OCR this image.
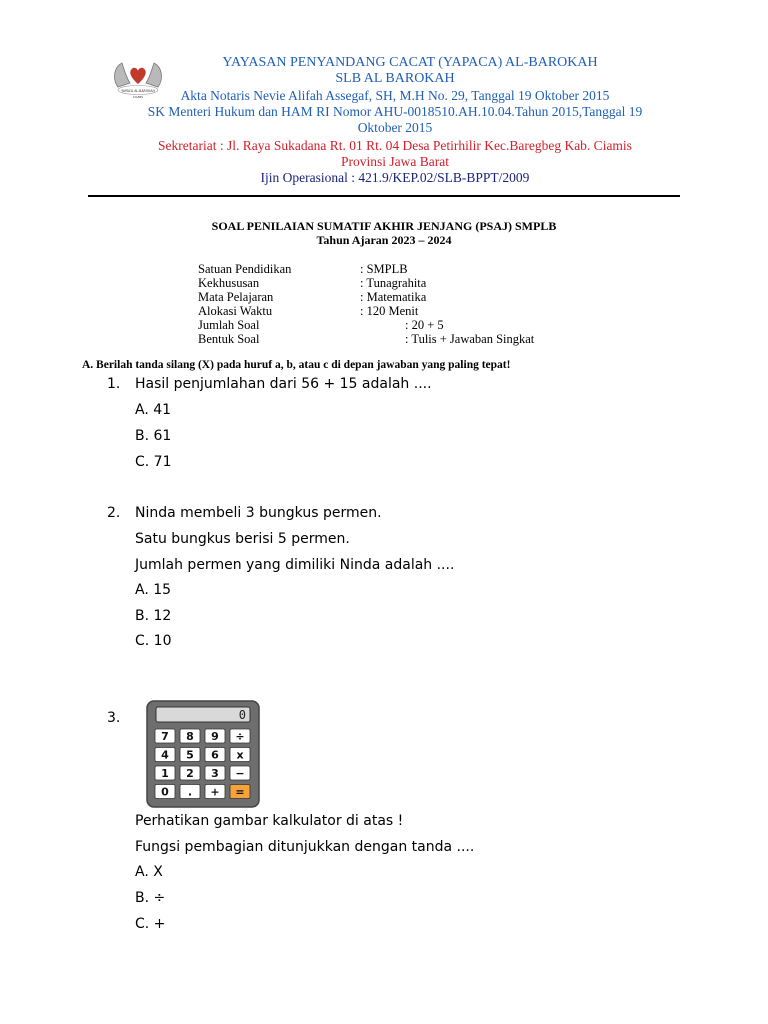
YAPACA AL-BAROKAH
CIAMIS
YAYASAN PENYANDANG CACAT (YAPACA) AL-BAROKAH
SLB AL BAROKAH
Akta Notaris Nevie Alifah Assegaf, SH, M.H No. 29, Tanggal 19 Oktober 2015
SK Menteri Hukum dan HAM RI Nomor AHU-0018510.AH.10.04.Tahun 2015,Tanggal 19
Oktober 2015
Sekretariat : Jl. Raya Sukadana Rt. 01 Rt. 04 Desa Petirhilir Kec.Baregbeg Kab. Ciamis
Provinsi Jawa Barat
Ijin Operasional : 421.9/KEP.02/SLB-BPPT/2009
SOAL PENILAIAN SUMATIF AKHIR JENJANG (PSAJ) SMPLB
Tahun Ajaran 2023 – 2024
Satuan Pendidikan	: SMPLB
Kekhususan	: Tunagrahita
Mata Pelajaran	: Matematika
Alokasi Waktu	: 120 Menit
Jumlah Soal	: 20 + 5
Bentuk Soal	: Tulis + Jawaban Singkat
A. Berilah tanda silang (X) pada huruf a, b, atau c di depan jawaban yang paling tepat!
1. Hasil penjumlahan dari 56 + 15 adalah ....
A. 41
B. 61
C. 71
2. Ninda membeli 3 bungkus permen.
Satu bungkus berisi 5 permen.
Jumlah permen yang dimiliki Ninda adalah ....
A. 15
B. 12
C. 10
3.	0
7 8 9 ÷
4 5 6 x
1 2 3 −
0 . + =
Perhatikan gambar kalkulator di atas !
Fungsi pembagian ditunjukkan dengan tanda ....
A. X
B. ÷
C. +
